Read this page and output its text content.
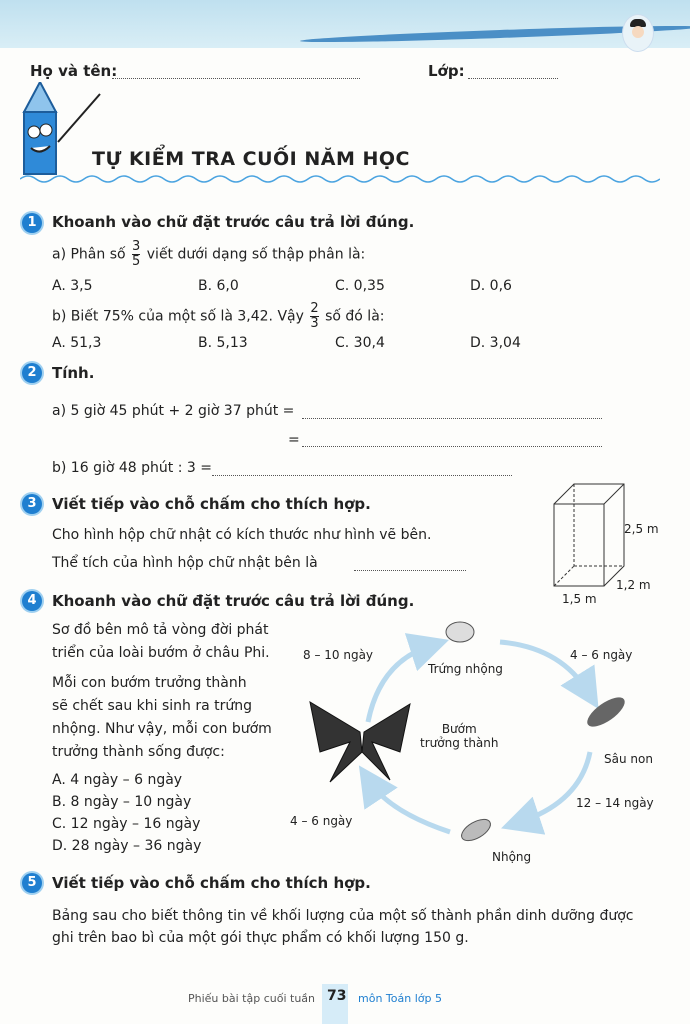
Họ và tên:	Lớp:
TỰ KIỂM TRA CUỐI NĂM HỌC
1	Khoanh vào chữ đặt trước câu trả lời đúng.
a) Phân số $\frac{3}{5}$ viết dưới dạng số thập phân là:
A. 3,5	B. 6,0	C. 0,35	D. 0,6
b) Biết 75% của một số là 3,42. Vậy $\frac{2}{3}$ số đó là:
A. 51,3	B. 5,13	C. 30,4	D. 3,04
2	Tính.
a) 5 giờ 45 phút + 2 giờ 37 phút =
=
b) 16 giờ 48 phút : 3 =
3	Viết tiếp vào chỗ chấm cho thích hợp.
Cho hình hộp chữ nhật có kích thước như hình vẽ bên.
Thể tích của hình hộp chữ nhật bên là
2,5 m
1,2 m
1,5 m
4	Khoanh vào chữ đặt trước câu trả lời đúng.
Sơ đồ bên mô tả vòng đời phát
triển của loài bướm ở châu Phi.
Mỗi con bướm trưởng thành
sẽ chết sau khi sinh ra trứng
nhộng. Như vậy, mỗi con bướm
trưởng thành sống được:
A. 4 ngày – 6 ngày
B. 8 ngày – 10 ngày
C. 12 ngày – 16 ngày
D. 28 ngày – 36 ngày
8 – 10 ngày
Trứng nhộng
4 – 6 ngày
Bướm
trưởng thành
Sâu non
12 – 14 ngày
4 – 6 ngày
Nhộng
5	Viết tiếp vào chỗ chấm cho thích hợp.
Bảng sau cho biết thông tin về khối lượng của một số thành phần dinh dưỡng được
ghi trên bao bì của một gói thực phẩm có khối lượng 150 g.
Phiếu bài tập cuối tuần 73 môn Toán lớp 5
